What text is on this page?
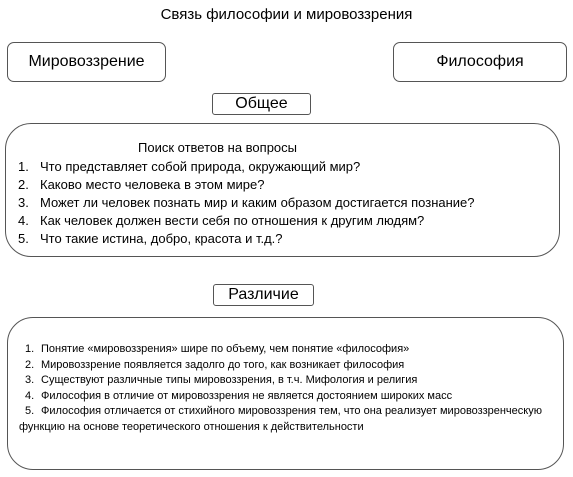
Связь философии и мировоззрения
Мировоззрение	Философия
Общее
Поиск ответов на вопросы
1. Что представляет собой природа, окружающий мир?
2. Каково место человека в этом мире?
3. Может ли человек познать мир и каким образом достигается познание?
4. Как человек должен вести себя по отношения к другим людям?
5. Что такие истина, добро, красота и т.д.?
Различие
1. Понятие «мировоззрения» шире по объему, чем понятие «философия»
2. Мировоззрение появляется задолго до того, как возникает философия
3. Существуют различные типы мировоззрения, в т.ч. Мифология и религия
4. Философия в отличие от мировоззрения не является достоянием широких масс
5. Философия отличается от стихийного мировоззрения тем, что она реализует мировоззренческую функцию на основе теоретического отношения к действительности
